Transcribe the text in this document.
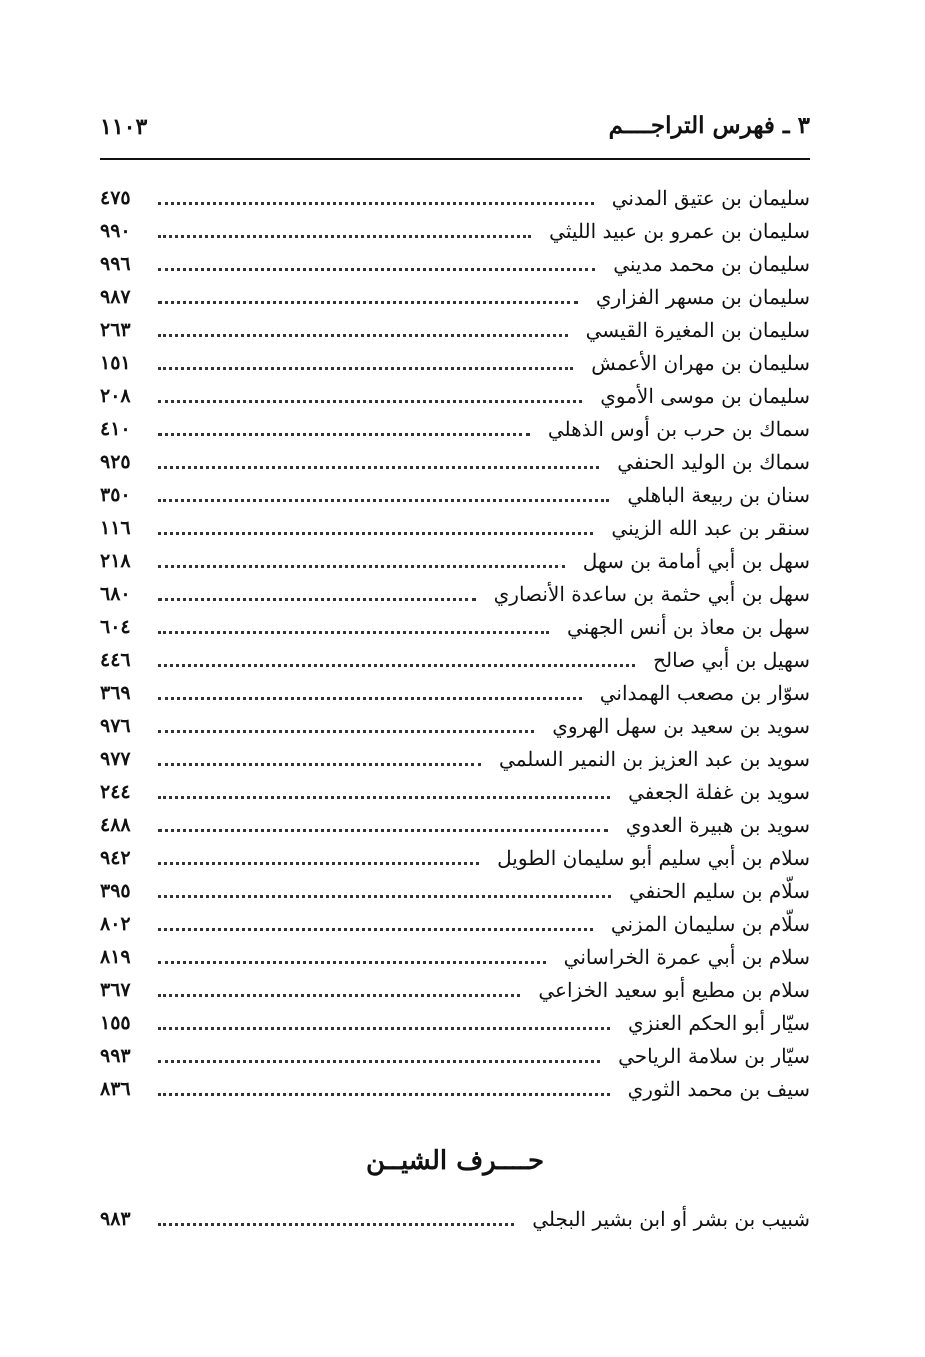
٣ ـ فهرس التراجــــم
١١٠٣
سليمان بن عتيق المدني
٤٧٥
سليمان بن عمرو بن عبيد الليثي
٩٩٠
سليمان بن محمد مديني
٩٩٦
سليمان بن مسهر الفزاري
٩٨٧
سليمان بن المغيرة القيسي
٢٦٣
سليمان بن مهران الأعمش
١٥١
سليمان بن موسى الأموي
٢٠٨
سماك بن حرب بن أوس الذهلي
٤١٠
سماك بن الوليد الحنفي
٩٢٥
سنان بن ربيعة الباهلي
٣٥٠
سنقر بن عبد الله الزيني
١١٦
سهل بن أبي أمامة بن سهل
٢١٨
سهل بن أبي حثمة بن ساعدة الأنصاري
٦٨٠
سهل بن معاذ بن أنس الجهني
٦٠٤
سهيل بن أبي صالح
٤٤٦
سوّار بن مصعب الهمداني
٣٦٩
سويد بن سعيد بن سهل الهروي
٩٧٦
سويد بن عبد العزيز بن النمير السلمي
٩٧٧
سويد بن غفلة الجعفي
٢٤٤
سويد بن هبيرة العدوي
٤٨٨
سلام بن أبي سليم أبو سليمان الطويل
٩٤٢
سلّام بن سليم الحنفي
٣٩٥
سلّام بن سليمان المزني
٨٠٢
سلام بن أبي عمرة الخراساني
٨١٩
سلام بن مطيع أبو سعيد الخزاعي
٣٦٧
سيّار أبو الحكم العنزي
١٥٥
سيّار بن سلامة الرياحي
٩٩٣
سيف بن محمد الثوري
٨٣٦
حــــرف الشيــن
شبيب بن بشر أو ابن بشير البجلي
٩٨٣
